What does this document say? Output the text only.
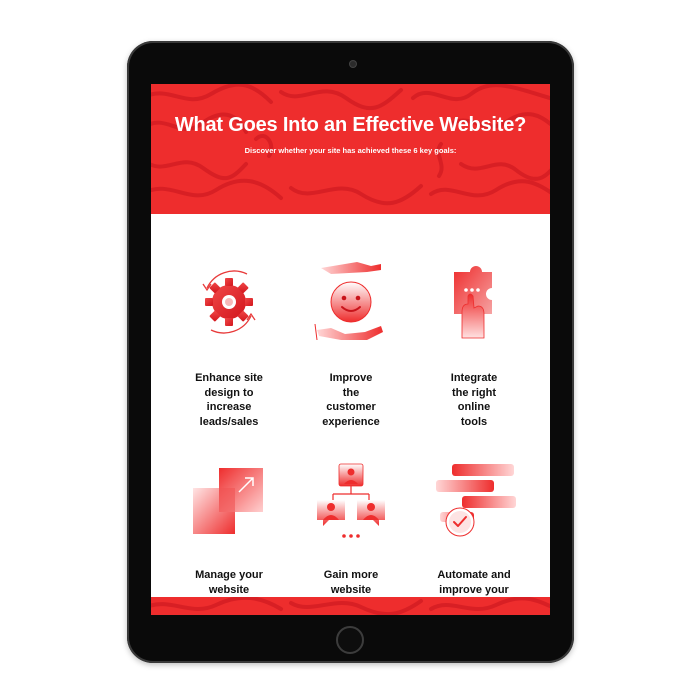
What Goes Into an Effective Website?
Discover whether your site has achieved these 6 key goals:
Enhance site
design to
increase
leads/sales
Improve
the
customer
experience
Integrate
the right
online
tools
Manage your
website

Gain more
website

Automate and
improve your
